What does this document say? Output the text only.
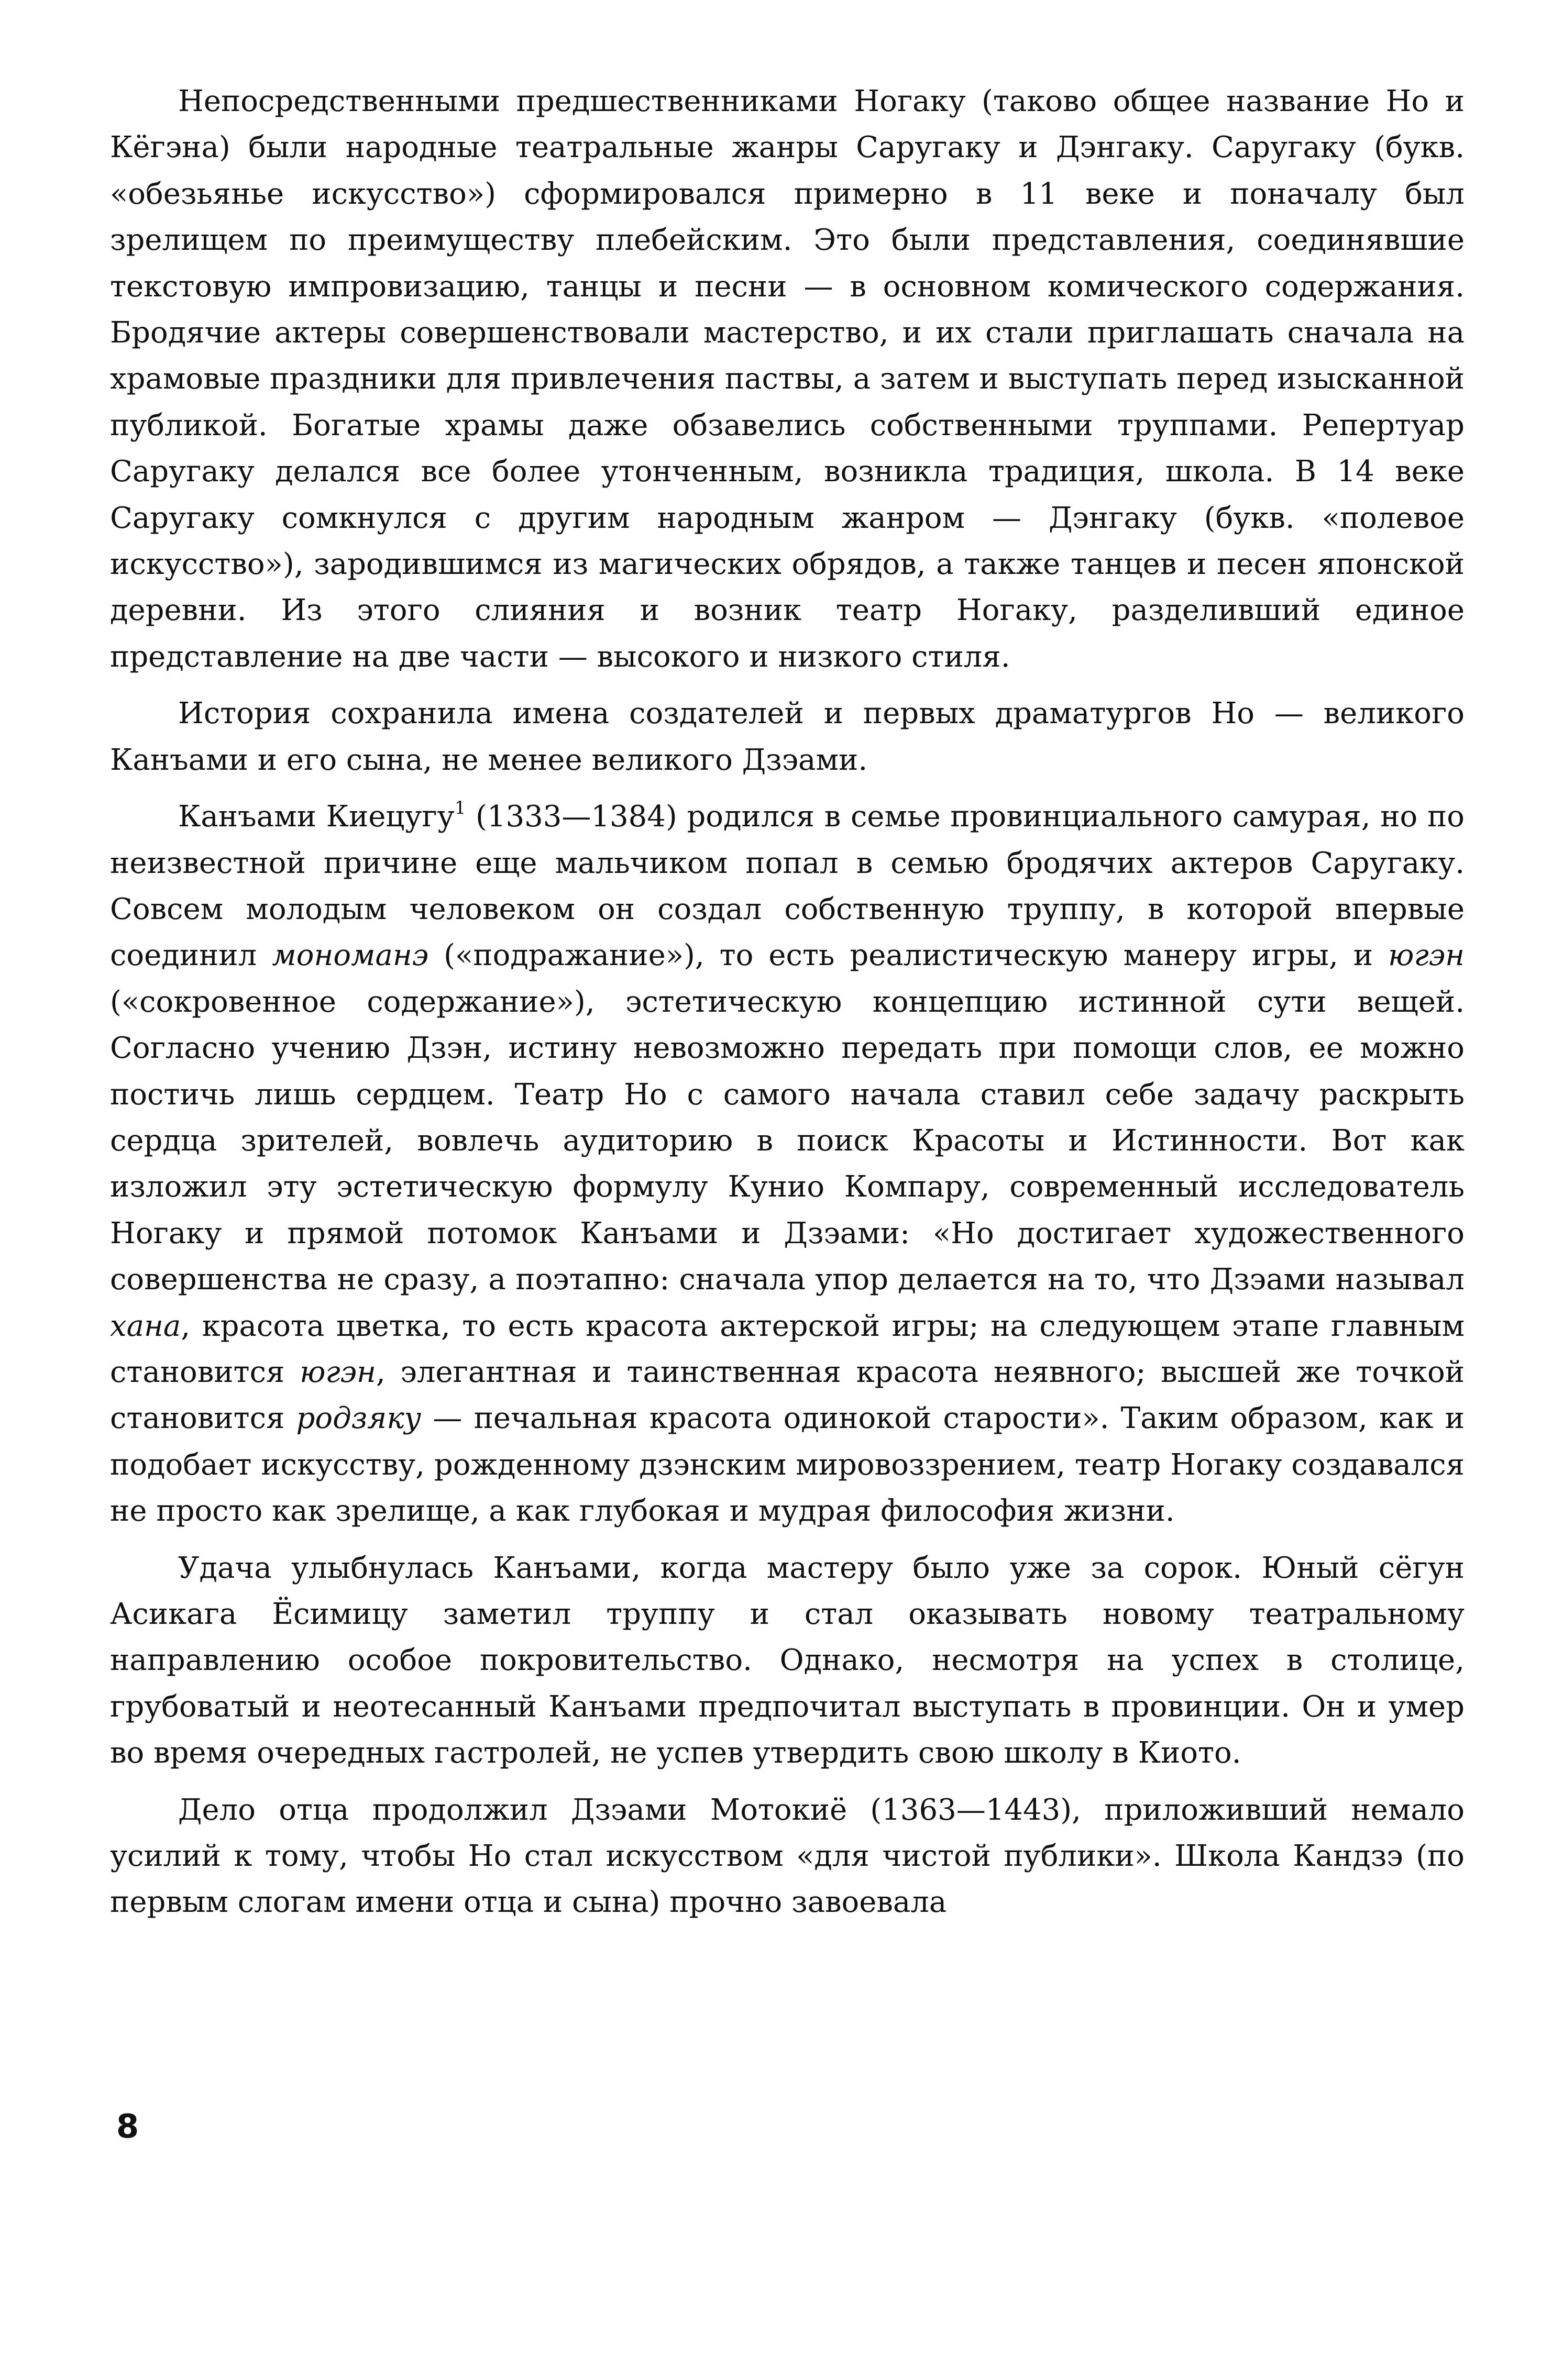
Непосредственными предшественниками Ногаку (таково общее название Но и Кёгэна) были народные театральные жанры Саругаку и Дэнгаку. Саругаку (букв. «обезьянье искусство») сформировался примерно в 11 веке и поначалу был зрелищем по преимуществу плебейским. Это были представления, соединявшие текстовую импровизацию, танцы и песни — в основном комического содержания. Бродячие актеры совершенствовали мастерство, и их стали приглашать сначала на храмовые праздники для привлечения паствы, а затем и выступать перед изысканной публикой. Богатые храмы даже обзавелись собственными труппами. Репертуар Саругаку делался все более утонченным, возникла традиция, школа. В 14 веке Саругаку сомкнулся с другим народным жанром — Дэнгаку (букв. «полевое искусство»), зародившимся из магических обрядов, а также танцев и песен японской деревни. Из этого слияния и возник театр Ногаку, разделивший единое представление на две части — высокого и низкого стиля.

История сохранила имена создателей и первых драматургов Но — великого Канъами и его сына, не менее великого Дзэами.

Канъами Киецугу$^1$ (1333—1384) родился в семье провинциального самурая, но по неизвестной причине еще мальчиком попал в семью бродячих актеров Саругаку. Совсем молодым человеком он создал собственную труппу, в которой впервые соединил мономанэ («подражание»), то есть реалистическую манеру игры, и югэн («сокровенное содержание»), эстетическую концепцию истинной сути вещей. Согласно учению Дзэн, истину невозможно передать при помощи слов, ее можно постичь лишь сердцем. Театр Но с самого начала ставил себе задачу раскрыть сердца зрителей, вовлечь аудиторию в поиск Красоты и Истинности. Вот как изложил эту эстетическую формулу Кунио Компару, современный исследователь Ногаку и прямой потомок Канъами и Дзэами: «Но достигает художественного совершенства не сразу, а поэтапно: сначала упор делается на то, что Дзэами называл хана, красота цветка, то есть красота актерской игры; на следующем этапе главным становится югэн, элегантная и таинственная красота неявного; высшей же точкой становится родзяку — печальная красота одинокой старости». Таким образом, как и подобает искусству, рожденному дзэнским мировоззрением, театр Ногаку создавался не просто как зрелище, а как глубокая и мудрая философия жизни.

Удача улыбнулась Канъами, когда мастеру было уже за сорок. Юный сёгун Асикага Ёсимицу заметил труппу и стал оказывать новому театральному направлению особое покровительство. Однако, несмотря на успех в столице, грубоватый и неотесанный Канъами предпочитал выступать в провинции. Он и умер во время очередных гастролей, не успев утвердить свою школу в Киото.

Дело отца продолжил Дзэами Мотокиё (1363—1443), приложивший немало усилий к тому, чтобы Но стал искусством «для чистой публики». Школа Кандзэ (по первым слогам имени отца и сына) прочно завоевала

8
